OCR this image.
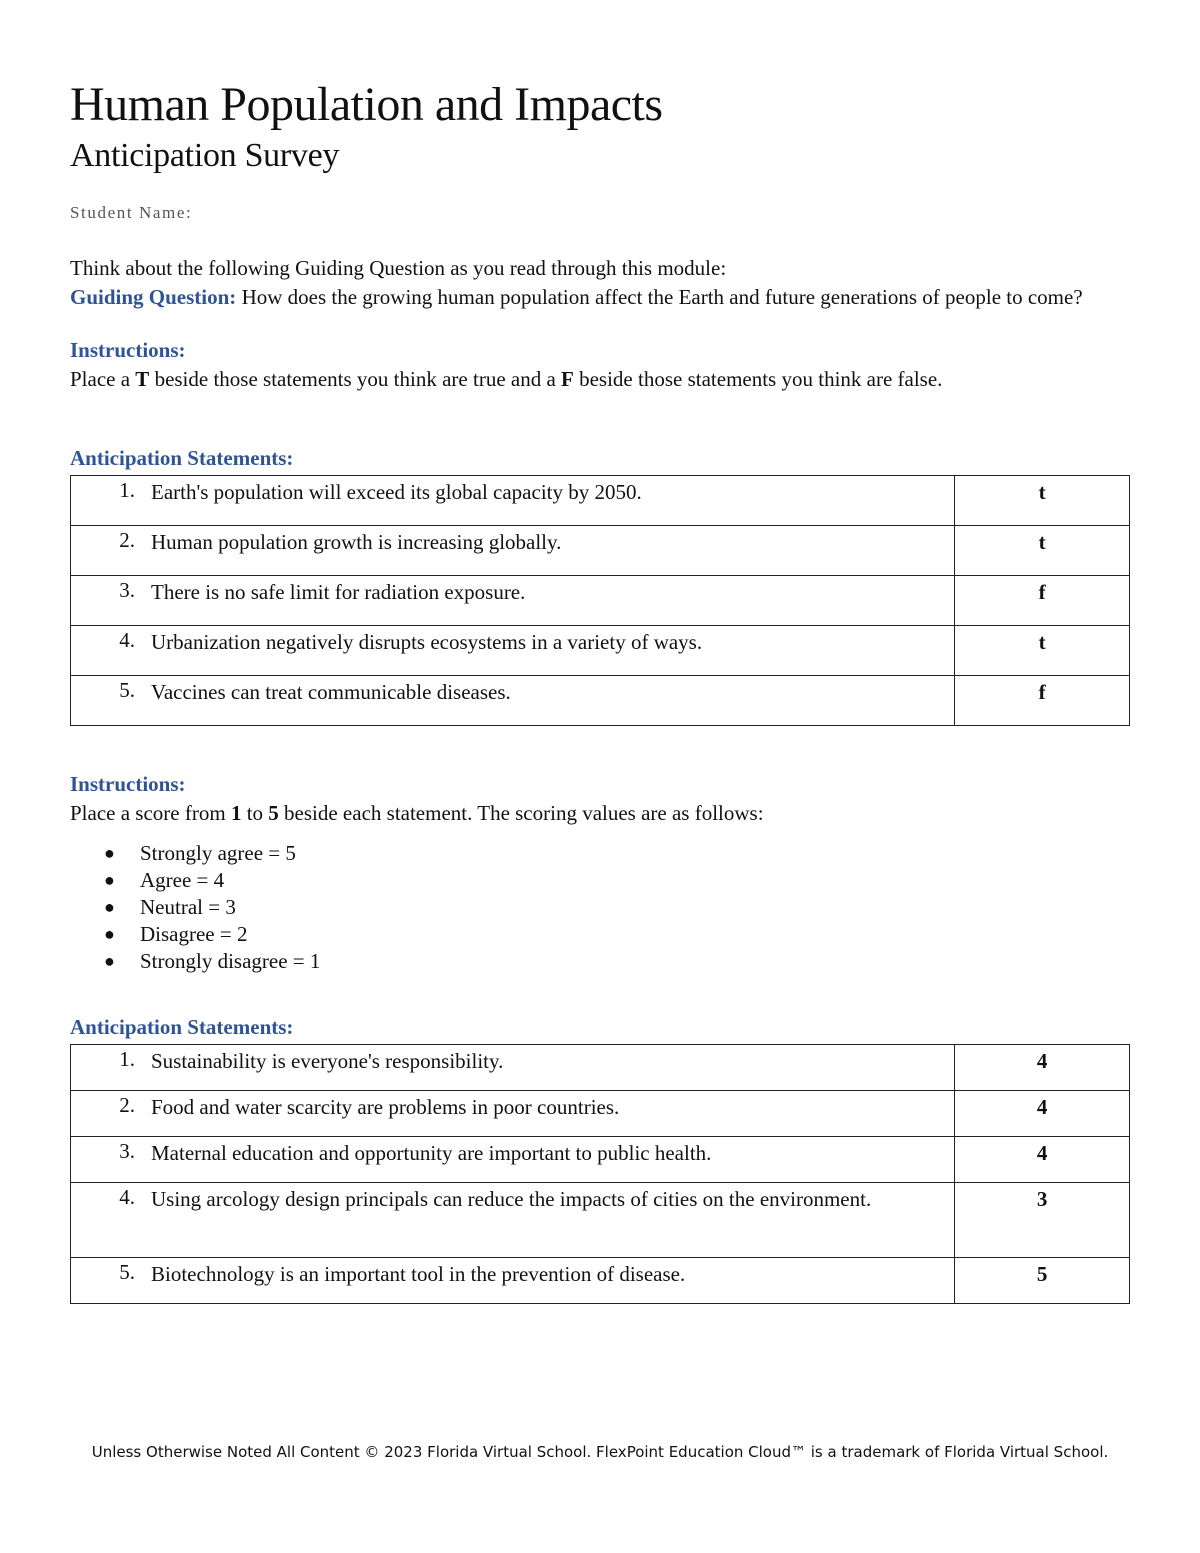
Human Population and Impacts
Anticipation Survey
Student Name:
Think about the following Guiding Question as you read through this module:
Guiding Question: How does the growing human population affect the Earth and future generations of people to come?
Instructions:
Place a T beside those statements you think are true and a F beside those statements you think are false.
Anticipation Statements:
1. Earth's population will exceed its global capacity by 2050.	t

2. Human population growth is increasing globally.	t

3. There is no safe limit for radiation exposure.	f

4. Urbanization negatively disrupts ecosystems in a variety of ways.	t

5. Vaccines can treat communicable diseases.	f
Instructions:
Place a score from 1 to 5 beside each statement. The scoring values are as follows:
●	Strongly agree = 5
●	Agree = 4
●	Neutral = 3
●	Disagree = 2
●	Strongly disagree = 1
Anticipation Statements:
1. Sustainability is everyone's responsibility.	4

2. Food and water scarcity are problems in poor countries.	4

3. Maternal education and opportunity are important to public health.	4

4. Using arcology design principals can reduce the impacts of cities on the environment.	3

5. Biotechnology is an important tool in the prevention of disease.	5
Unless Otherwise Noted All Content © 2023 Florida Virtual School. FlexPoint Education Cloud™ is a trademark of Florida Virtual School.
